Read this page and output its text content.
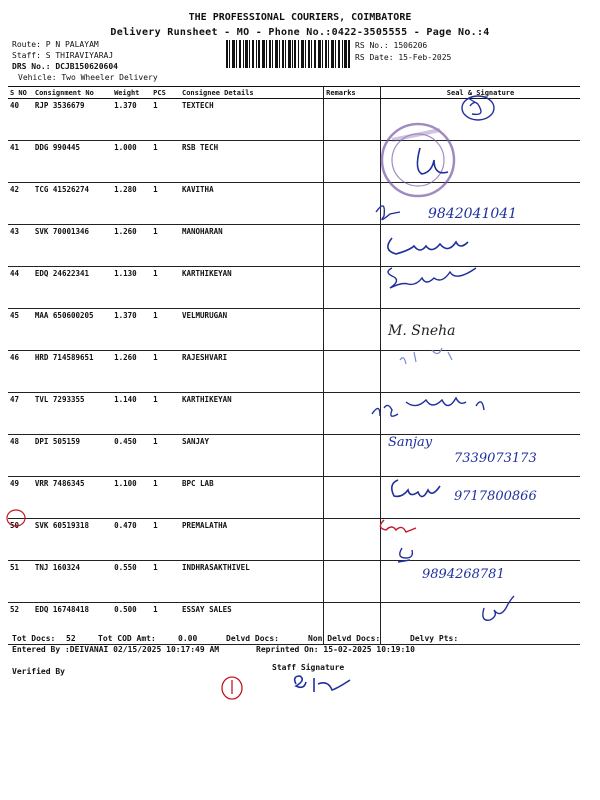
THE PROFESSIONAL COURIERS, COIMBATORE
Delivery Runsheet - MO - Phone No.:0422-3505555 - Page No.:4
Route: P N PALAYAM
Staff: S THIRAVIYARAJ
DRS No.: DCJB150620604
Vehicle: Two Wheeler Delivery
RS No.: 1506206
RS Date: 15-Feb-2025
S NO	Consignment No	Weight	PCS	Consignee Details	Remarks	Seal & Signature
40	RJP 3536679	1.370	1	TEXTECH		
41	DDG 990445	1.000	1	RSB TECH		
42	TCG 41526274	1.280	1	KAVITHA		
43	SVK 70001346	1.260	1	MANOHARAN		
44	EDQ 24622341	1.130	1	KARTHIKEYAN		
45	MAA 650600205	1.370	1	VELMURUGAN		
46	HRD 714589651	1.260	1	RAJESHVARI		
47	TVL 7293355	1.140	1	KARTHIKEYAN		
48	DPI 505159	0.450	1	SANJAY		
49	VRR 7486345	1.100	1	BPC LAB		
50	SVK 60519318	0.470	1	PREMALATHA		
51	TNJ 160324	0.550	1	INDHRASAKTHIVEL		
52	EDQ 16748418	0.500	1	ESSAY SALES		
Tot Docs: 52	Tot COD Amt:	0.00	Delvd Docs:	Non Delvd Docs:	Delvy Pts:
Entered By :DEIVANAI 02/15/2025 10:17:49 AM	Reprinted On: 15-02-2025 10:19:10
Verified By	Staff Signature
9842041041
M. Sneha
Sanjay
7339073173
9717800866
9894268781
